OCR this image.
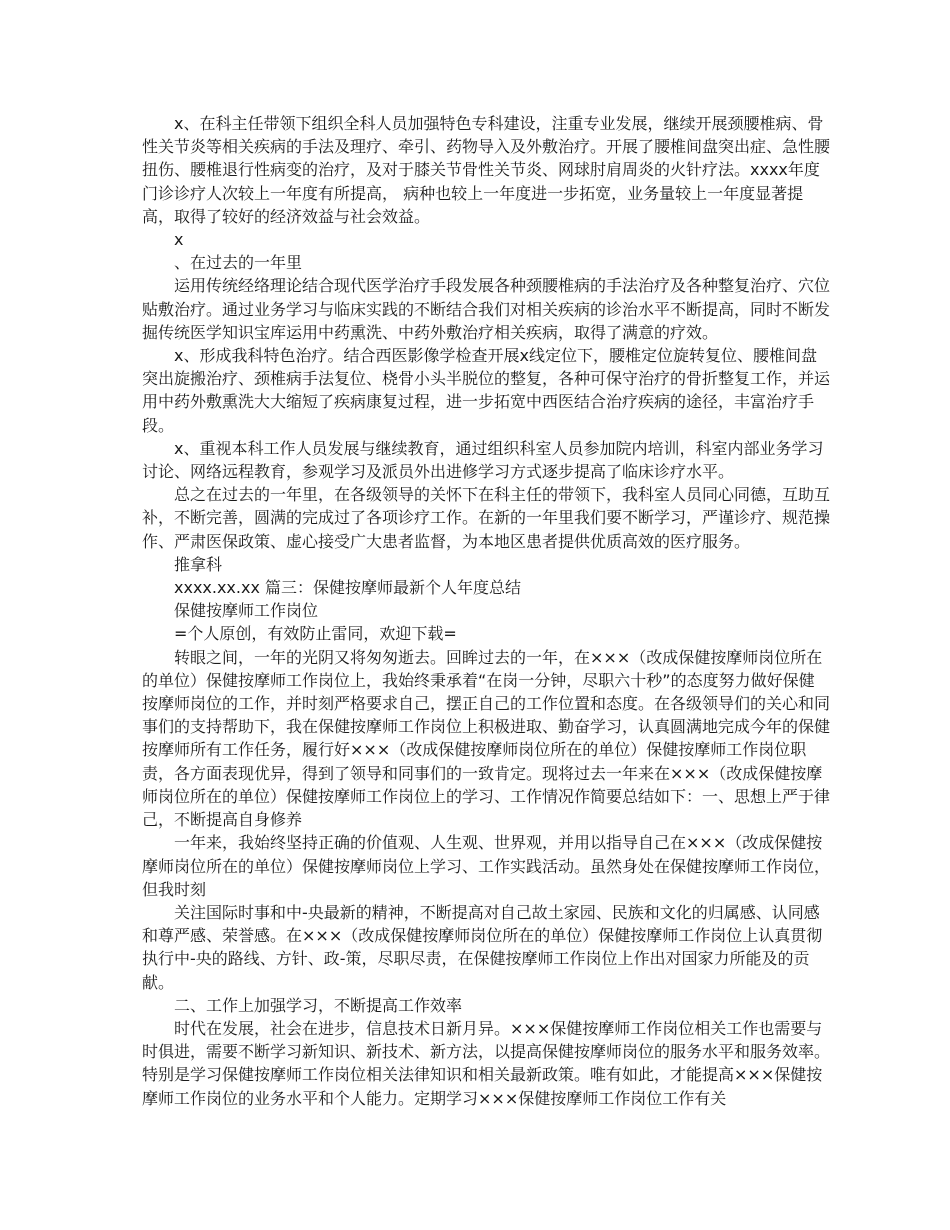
x、在科主任带领下组织全科人员加强特色专科建设，注重专业发展，继续开展颈腰椎病、骨性关节炎等相关疾病的手法及理疗、牵引、药物导入及外敷治疗。开展了腰椎间盘突出症、急性腰扭伤、腰椎退行性病变的治疗，及对于膝关节骨性关节炎、网球肘肩周炎的火针疗法。xxxx年度门诊诊疗人次较上一年度有所提高， 病种也较上一年度进一步拓宽，业务量较上一年度显著提高，取得了较好的经济效益与社会效益。
x
、在过去的一年里
运用传统经络理论结合现代医学治疗手段发展各种颈腰椎病的手法治疗及各种整复治疗、穴位贴敷治疗。通过业务学习与临床实践的不断结合我们对相关疾病的诊治水平不断提高，同时不断发掘传统医学知识宝库运用中药熏洗、中药外敷治疗相关疾病，取得了满意的疗效。
x、形成我科特色治疗。结合西医影像学检查开展x线定位下，腰椎定位旋转复位、腰椎间盘突出旋搬治疗、颈椎病手法复位、桡骨小头半脱位的整复，各种可保守治疗的骨折整复工作，并运用中药外敷熏洗大大缩短了疾病康复过程，进一步拓宽中西医结合治疗疾病的途径，丰富治疗手段。
x、重视本科工作人员发展与继续教育，通过组织科室人员参加院内培训，科室内部业务学习讨论、网络远程教育，参观学习及派员外出进修学习方式逐步提高了临床诊疗水平。
总之在过去的一年里，在各级领导的关怀下在科主任的带领下，我科室人员同心同德，互助互补，不断完善，圆满的完成过了各项诊疗工作。在新的一年里我们要不断学习，严谨诊疗、规范操作、严肃医保政策、虚心接受广大患者监督，为本地区患者提供优质高效的医疗服务。
推拿科
xxxx.xx.xx 篇三：保健按摩师最新个人年度总结
保健按摩师工作岗位
=个人原创，有效防止雷同，欢迎下载=
转眼之间，一年的光阴又将匆匆逝去。回眸过去的一年，在×××（改成保健按摩师岗位所在的单位）保健按摩师工作岗位上，我始终秉承着“在岗一分钟，尽职六十秒”的态度努力做好保健按摩师岗位的工作，并时刻严格要求自己，摆正自己的工作位置和态度。在各级领导们的关心和同事们的支持帮助下，我在保健按摩师工作岗位上积极进取、勤奋学习，认真圆满地完成今年的保健按摩师所有工作任务，履行好×××（改成保健按摩师岗位所在的单位）保健按摩师工作岗位职责，各方面表现优异，得到了领导和同事们的一致肯定。现将过去一年来在×××（改成保健按摩师岗位所在的单位）保健按摩师工作岗位上的学习、工作情况作简要总结如下：一、思想上严于律己，不断提高自身修养
一年来，我始终坚持正确的价值观、人生观、世界观，并用以指导自己在×××（改成保健按摩师岗位所在的单位）保健按摩师岗位上学习、工作实践活动。虽然身处在保健按摩师工作岗位，但我时刻
关注国际时事和中-央最新的精神，不断提高对自己故土家园、民族和文化的归属感、认同感和尊严感、荣誉感。在×××（改成保健按摩师岗位所在的单位）保健按摩师工作岗位上认真贯彻执行中-央的路线、方针、政-策，尽职尽责，在保健按摩师工作岗位上作出对国家力所能及的贡献。
二、工作上加强学习，不断提高工作效率
时代在发展，社会在进步，信息技术日新月异。×××保健按摩师工作岗位相关工作也需要与时俱进，需要不断学习新知识、新技术、新方法，以提高保健按摩师岗位的服务水平和服务效率。特别是学习保健按摩师工作岗位相关法律知识和相关最新政策。唯有如此，才能提高×××保健按摩师工作岗位的业务水平和个人能力。定期学习×××保健按摩师工作岗位工作有关
